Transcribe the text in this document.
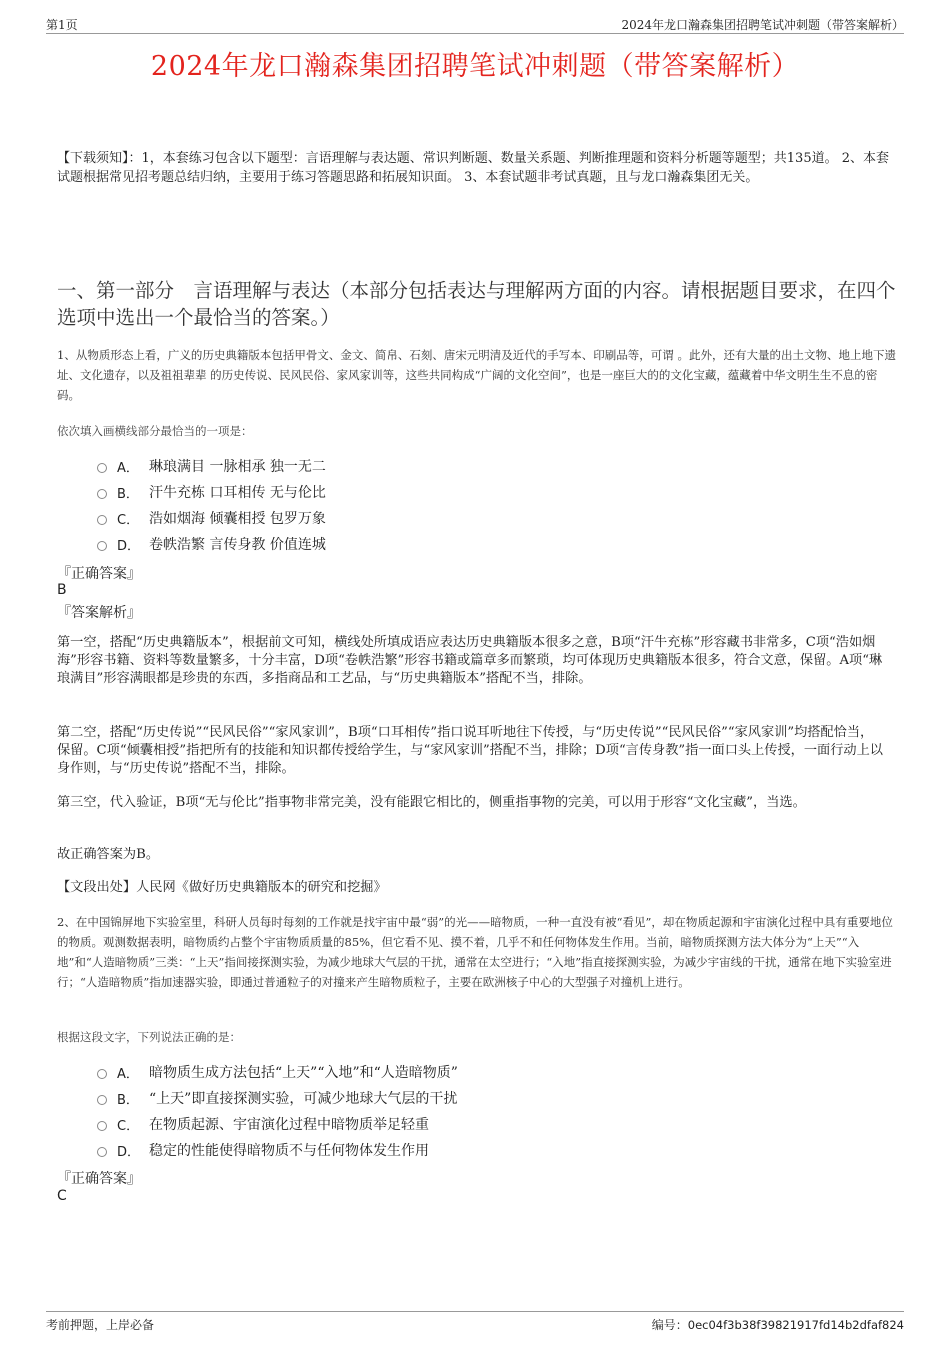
第1页	2024年龙口瀚森集团招聘笔试冲刺题（带答案解析）
2024年龙口瀚森集团招聘笔试冲刺题（带答案解析）
【下载须知】：1，本套练习包含以下题型：言语理解与表达题、常识判断题、数量关系题、判断推理题和资料分析题等题型；共135道。 2、本套试题根据常见招考题总结归纳，主要用于练习答题思路和拓展知识面。 3、本套试题非考试真题，且与龙口瀚森集团无关。
一、第一部分　言语理解与表达（本部分包括表达与理解两方面的内容。请根据题目要求，在四个选项中选出一个最恰当的答案。）
1、从物质形态上看，广义的历史典籍版本包括甲骨文、金文、简帛、石刻、唐宋元明清及近代的手写本、印刷品等，可谓 。此外，还有大量的出土文物、地上地下遗址、文化遗存，以及祖祖辈辈 的历史传说、民风民俗、家风家训等，这些共同构成“广阔的文化空间”，也是一座巨大的的文化宝藏，蕴藏着中华文明生生不息的密码。
依次填入画横线部分最恰当的一项是：
A． 琳琅满目 一脉相承 独一无二
B． 汗牛充栋 口耳相传 无与伦比
C． 浩如烟海 倾囊相授 包罗万象
D． 卷帙浩繁 言传身教 价值连城
『正确答案』
B
『答案解析』
第一空，搭配“历史典籍版本”，根据前文可知，横线处所填成语应表达历史典籍版本很多之意，B项“汗牛充栋”形容藏书非常多，C项“浩如烟海”形容书籍、资料等数量繁多，十分丰富，D项“卷帙浩繁”形容书籍或篇章多而繁琐，均可体现历史典籍版本很多，符合文意，保留。A项“琳琅满目”形容满眼都是珍贵的东西，多指商品和工艺品，与“历史典籍版本”搭配不当，排除。
第二空，搭配“历史传说”“民风民俗”“家风家训”，B项“口耳相传”指口说耳听地往下传授，与“历史传说”“民风民俗”“家风家训”均搭配恰当，保留。C项“倾囊相授”指把所有的技能和知识都传授给学生，与“家风家训”搭配不当，排除；D项“言传身教”指一面口头上传授，一面行动上以身作则，与“历史传说”搭配不当，排除。
第三空，代入验证，B项“无与伦比”指事物非常完美，没有能跟它相比的，侧重指事物的完美，可以用于形容“文化宝藏”，当选。
故正确答案为B。
【文段出处】人民网《做好历史典籍版本的研究和挖掘》
2、在中国锦屏地下实验室里，科研人员每时每刻的工作就是找宇宙中最“弱”的光——暗物质，一种一直没有被“看见”，却在物质起源和宇宙演化过程中具有重要地位的物质。观测数据表明，暗物质约占整个宇宙物质质量的85%，但它看不见、摸不着，几乎不和任何物体发生作用。当前，暗物质探测方法大体分为“上天”“入地”和“人造暗物质”三类：“上天”指间接探测实验，为减少地球大气层的干扰，通常在太空进行；“入地”指直接探测实验，为减少宇宙线的干扰，通常在地下实验室进行；“人造暗物质”指加速器实验，即通过普通粒子的对撞来产生暗物质粒子，主要在欧洲核子中心的大型强子对撞机上进行。
根据这段文字，下列说法正确的是：
A． 暗物质生成方法包括“上天”“入地”和“人造暗物质”
B． “上天”即直接探测实验，可减少地球大气层的干扰
C． 在物质起源、宇宙演化过程中暗物质举足轻重
D． 稳定的性能使得暗物质不与任何物体发生作用
『正确答案』
C
考前押题，上岸必备	编号：0ec04f3b38f39821917fd14b2dfaf824
